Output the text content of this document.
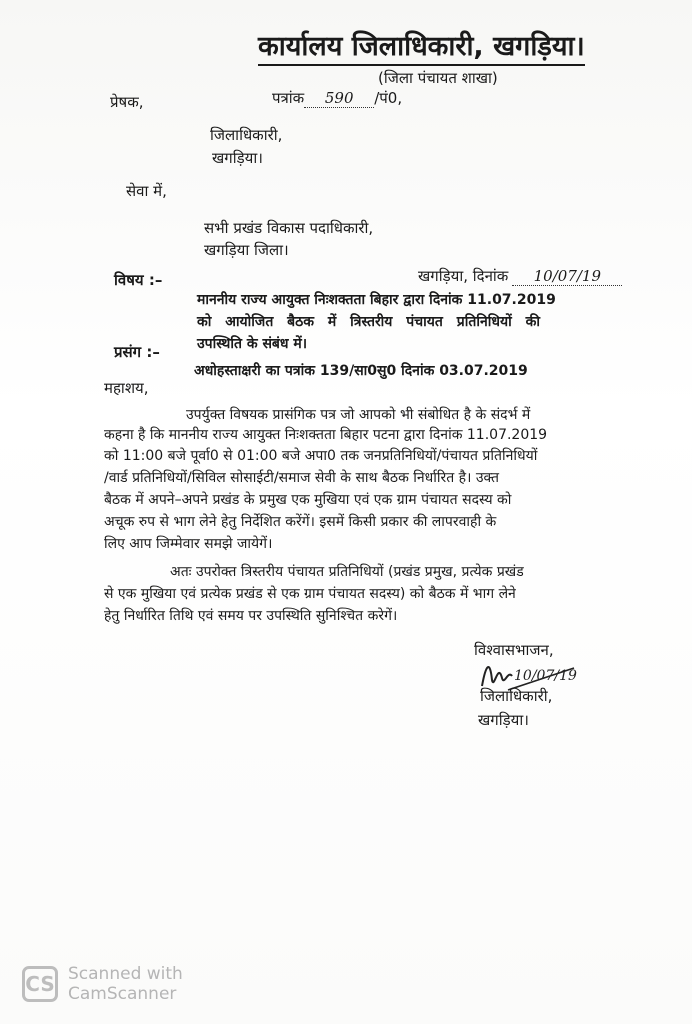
कार्यालय जिलाधिकारी, खगड़िया।
(जिला पंचायत शाखा)
प्रेषक,	पत्रांक 590 /पं0,
जिलाधिकारी,
खगड़िया।
सेवा में,
सभी प्रखंड विकास पदाधिकारी,
खगड़िया जिला।
खगड़िया, दिनांक 10/07/19
विषय :–
माननीय राज्य आयुक्त निःशक्तता बिहार द्वारा दिनांक 11.07.2019
को आयोजित बैठक में त्रिस्तरीय पंचायत प्रतिनिधियों की
उपस्थिति के संबंध में।
प्रसंग :–
अधोहस्ताक्षरी का पत्रांक 139/सा0सु0 दिनांक 03.07.2019
महाशय,
उपर्युक्त विषयक प्रासंगिक पत्र जो आपको भी संबोधित है के संदर्भ में
कहना है कि माननीय राज्य आयुक्त निःशक्तता बिहार पटना द्वारा दिनांक 11.07.2019
को 11:00 बजे पूर्वा0 से 01:00 बजे अपा0 तक जनप्रतिनिधियों/पंचायत प्रतिनिधियों
/वार्ड प्रतिनिधियों/सिविल सोसाईटी/समाज सेवी के साथ बैठक निर्धारित है। उक्त
बैठक में अपने–अपने प्रखंड के प्रमुख एक मुखिया एवं एक ग्राम पंचायत सदस्य को
अचूक रुप से भाग लेने हेतु निर्देशित करेंगें। इसमें किसी प्रकार की लापरवाही के
लिए आप जिम्मेवार समझे जायेगें।
अतः उपरोक्त त्रिस्तरीय पंचायत प्रतिनिधियों (प्रखंड प्रमुख, प्रत्येक प्रखंड
से एक मुखिया एवं प्रत्येक प्रखंड से एक ग्राम पंचायत सदस्य) को बैठक में भाग लेने
हेतु निर्धारित तिथि एवं समय पर उपस्थिति सुनिश्चित करेगें।
विश्वासभाजन,
10/07/19
जिलाधिकारी,
खगड़िया।
CS Scanned with
CamScanner
